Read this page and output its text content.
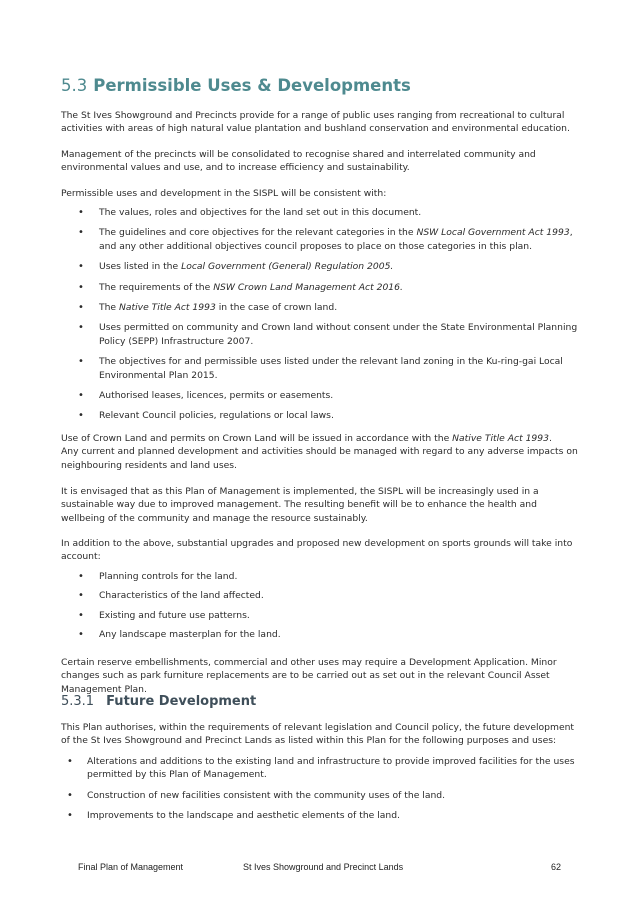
5.3 Permissible Uses & Developments

The St Ives Showground and Precincts provide for a range of public uses ranging from recreational to cultural activities with areas of high natural value plantation and bushland conservation and environmental education.

Management of the precincts will be consolidated to recognise shared and interrelated community and environmental values and use, and to increase efficiency and sustainability.

Permissible uses and development in the SISPL will be consistent with:

• The values, roles and objectives for the land set out in this document.
• The guidelines and core objectives for the relevant categories in the NSW Local Government Act 1993, and any other additional objectives council proposes to place on those categories in this plan.
• Uses listed in the Local Government (General) Regulation 2005.
• The requirements of the NSW Crown Land Management Act 2016.
• The Native Title Act 1993 in the case of crown land.
• Uses permitted on community and Crown land without consent under the State Environmental Planning Policy (SEPP) Infrastructure 2007.
• The objectives for and permissible uses listed under the relevant land zoning in the Ku-ring-gai Local Environmental Plan 2015.
• Authorised leases, licences, permits or easements.
• Relevant Council policies, regulations or local laws.

Use of Crown Land and permits on Crown Land will be issued in accordance with the Native Title Act 1993.
Any current and planned development and activities should be managed with regard to any adverse impacts on neighbouring residents and land uses.

It is envisaged that as this Plan of Management is implemented, the SISPL will be increasingly used in a sustainable way due to improved management. The resulting benefit will be to enhance the health and wellbeing of the community and manage the resource sustainably.

In addition to the above, substantial upgrades and proposed new development on sports grounds will take into account:

• Planning controls for the land.
• Characteristics of the land affected.
• Existing and future use patterns.
• Any landscape masterplan for the land.

Certain reserve embellishments, commercial and other uses may require a Development Application. Minor changes such as park furniture replacements are to be carried out as set out in the relevant Council Asset Management Plan.

5.3.1 Future Development

This Plan authorises, within the requirements of relevant legislation and Council policy, the future development of the St Ives Showground and Precinct Lands as listed within this Plan for the following purposes and uses:

• Alterations and additions to the existing land and infrastructure to provide improved facilities for the uses permitted by this Plan of Management.
• Construction of new facilities consistent with the community uses of the land.
• Improvements to the landscape and aesthetic elements of the land.
Final Plan of Management	St Ives Showground and Precinct Lands	62
